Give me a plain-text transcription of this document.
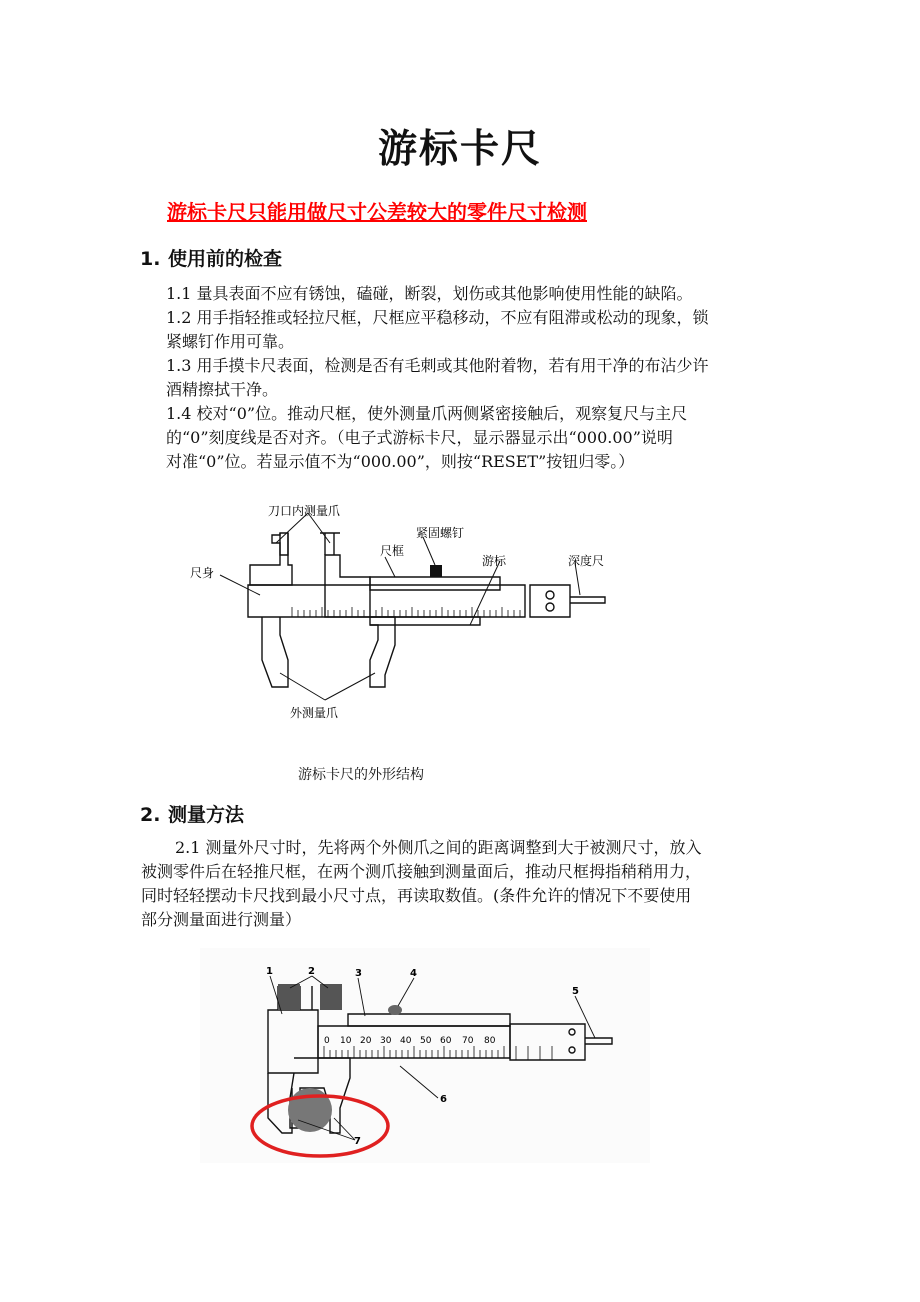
游标卡尺
游标卡尺只能用做尺寸公差较大的零件尺寸检测
1. 使用前的检查
1.1 量具表面不应有锈蚀，磕碰，断裂，划伤或其他影响使用性能的缺陷。
1.2 用手指轻推或轻拉尺框，尺框应平稳移动，不应有阻滞或松动的现象，锁
紧螺钉作用可靠。
1.3 用手摸卡尺表面，检测是否有毛刺或其他附着物，若有用干净的布沾少许
酒精擦拭干净。
1.4 校对“0”位。推动尺框，使外测量爪两侧紧密接触后，观察复尺与主尺
的“0”刻度线是否对齐。（电子式游标卡尺，显示器显示出“000.00”说明
对准“0”位。若显示值不为“000.00”，则按“RESET”按钮归零。）
刀口内测量爪
紧固螺钉
尺框
尺身
游标	深度尺
外测量爪
游标卡尺的外形结构
2. 测量方法
2.1 测量外尺寸时，先将两个外侧爪之间的距离调整到大于被测尺寸，放入
被测零件后在轻推尺框，在两个测爪接触到测量面后，推动尺框拇指稍稍用力，
同时轻轻摆动卡尺找到最小尺寸点，再读取数值。(条件允许的情况下不要使用
部分测量面进行测量）
0 10 20 30 40 50 60 70 80
1	2	3	4
5
6
7
